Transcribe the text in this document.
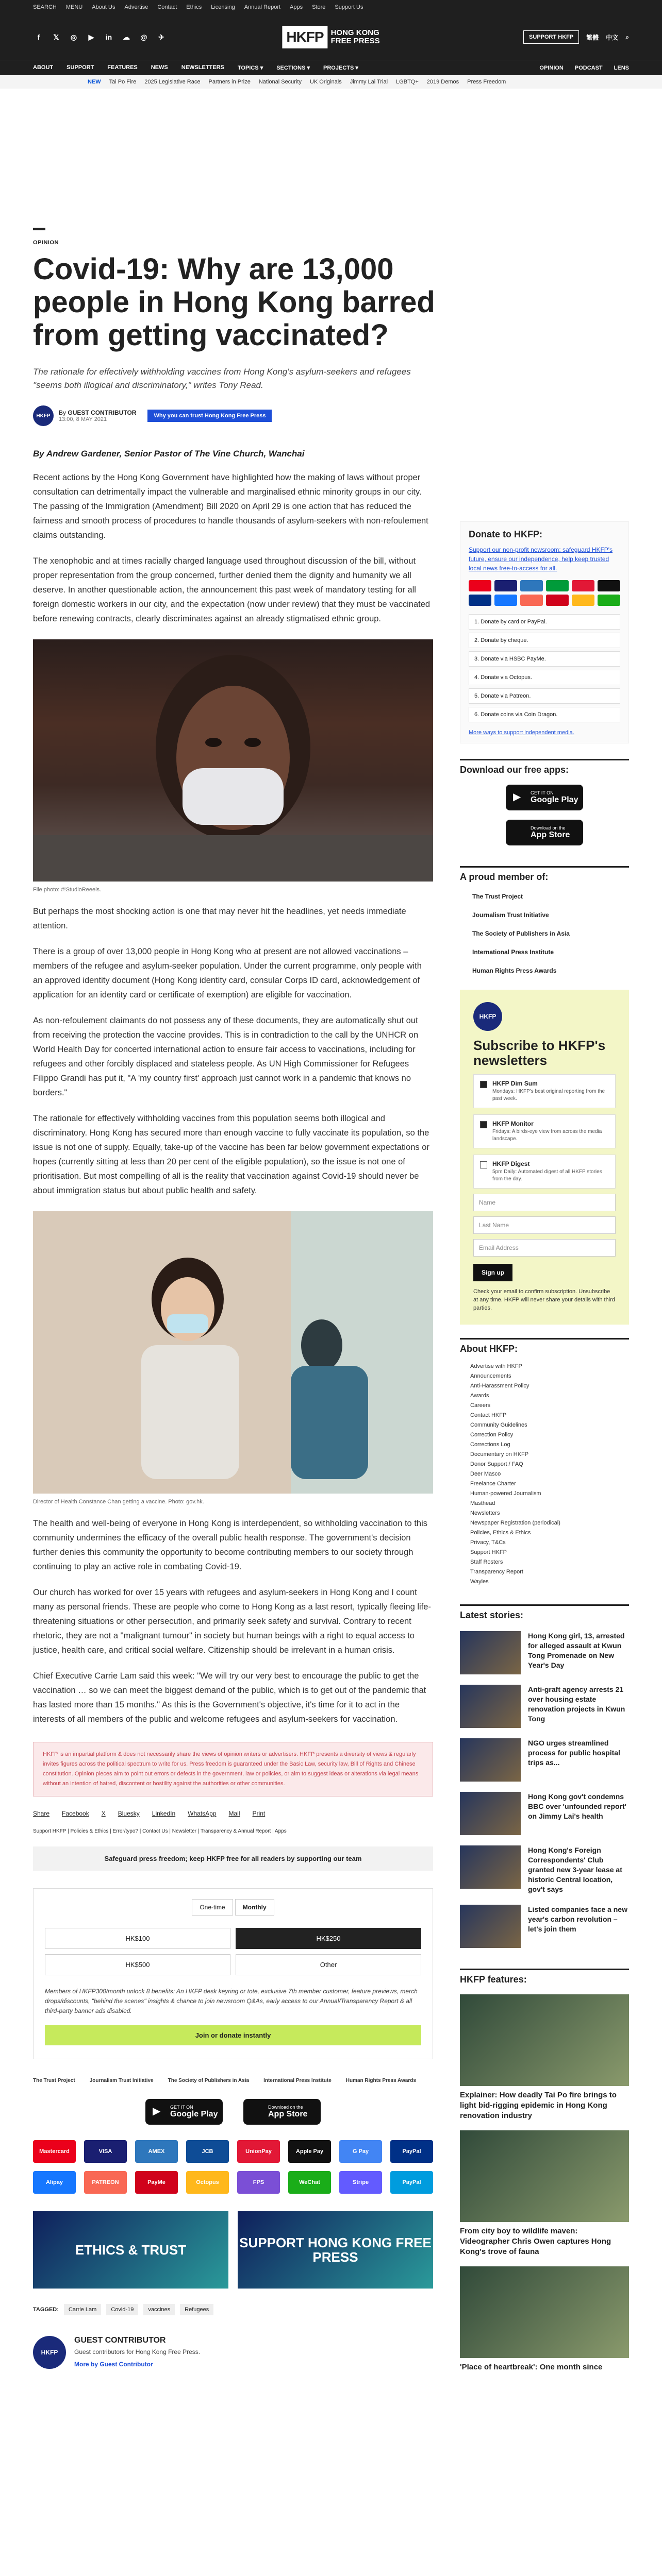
SEARCH MENU About Us Advertise Contact Ethics Licensing Annual Report Apps Store Support Us
f	𝕏	◎	▶	in	☁ @	✈	HKFP HONG KONG
FREE PRESS	SUPPORT HKFP	繁體 中文 ⌕
ABOUT SUPPORT FEATURES NEWS NEWSLETTERS TOPICS ▾ SECTIONS ▾ PROJECTS ▾	OPINION PODCAST LENS
NEW Tai Po Fire 2025 Legislative Race Partners in Prize National Security UK Originals Jimmy Lai Trial LGBTQ+ 2019 Demos Press Freedom
OPINION
Covid-19: Why are 13,000 people in Hong Kong barred from getting vaccinated?
The rationale for effectively withholding vaccines from Hong Kong's asylum-seekers and refugees "seems both illogical and discriminatory," writes Tony Read.
HKFP	By GUEST CONTRIBUTOR
13:00, 8 MAY 2021
Why you can trust Hong Kong Free Press
By Andrew Gardener, Senior Pastor of The Vine Church, Wanchai

Recent actions by the Hong Kong Government have highlighted how the making of laws without proper consultation can detrimentally impact the vulnerable and marginalised ethnic minority groups in our city. The passing of the Immigration (Amendment) Bill 2020 on April 29 is one action that has reduced the fairness and smooth process of procedures to handle thousands of asylum-seekers with non-refoulement claims outstanding.

The xenophobic and at times racially charged language used throughout discussion of the bill, without proper representation from the group concerned, further denied them the dignity and humanity we all deserve. In another questionable action, the announcement this past week of mandatory testing for all foreign domestic workers in our city, and the expectation (now under review) that they must be vaccinated before renewing contracts, clearly discriminates against an already stigmatised ethnic group.

File photo: #!StudioReeels.

But perhaps the most shocking action is one that may never hit the headlines, yet needs immediate attention.

There is a group of over 13,000 people in Hong Kong who at present are not allowed vaccinations – members of the refugee and asylum-seeker population. Under the current programme, only people with an approved identity document (Hong Kong identity card, consular Corps ID card, acknowledgement of application for an identity card or certificate of exemption) are eligible for vaccination.

As non-refoulement claimants do not possess any of these documents, they are automatically shut out from receiving the protection the vaccine provides. This is in contradiction to the call by the UNHCR on World Health Day for concerted international action to ensure fair access to vaccinations, including for refugees and other forcibly displaced and stateless people. As UN High Commissioner for Refugees Filippo Grandi has put it, "A 'my country first' approach just cannot work in a pandemic that knows no borders."

The rationale for effectively withholding vaccines from this population seems both illogical and discriminatory. Hong Kong has secured more than enough vaccine to fully vaccinate its population, so the issue is not one of supply. Equally, take-up of the vaccine has been far below government expectations or hopes (currently sitting at less than 20 per cent of the eligible population), so the issue is not one of prioritisation. But most compelling of all is the reality that vaccination against Covid-19 should never be about immigration status but about public health and safety.

Director of Health Constance Chan getting a vaccine. Photo: gov.hk.

The health and well-being of everyone in Hong Kong is interdependent, so withholding vaccination to this community undermines the efficacy of the overall public health response. The government's decision further denies this community the opportunity to become contributing members to our society through continuing to play an active role in combating Covid-19.

Our church has worked for over 15 years with refugees and asylum-seekers in Hong Kong and I count many as personal friends. These are people who come to Hong Kong as a last resort, typically fleeing life-threatening situations or other persecution, and primarily seek safety and survival. Contrary to recent rhetoric, they are not a "malignant tumour" in society but human beings with a right to equal access to justice, health care, and critical social welfare. Citizenship should be irrelevant in a human crisis.

Chief Executive Carrie Lam said this week: "We will try our very best to encourage the public to get the vaccination … so we can meet the biggest demand of the public, which is to get out of the pandemic that has lasted more than 15 months." As this is the Government's objective, it's time for it to act in the interests of all members of the public and welcome refugees and asylum-seekers for vaccination.

HKFP is an impartial platform & does not necessarily share the views of opinion writers or advertisers. HKFP presents a diversity of views & regularly invites figures across the political spectrum to write for us. Press freedom is guaranteed under the Basic Law, security law, Bill of Rights and Chinese constitution. Opinion pieces aim to point out errors or defects in the government, law or policies, or aim to suggest ideas or alterations via legal means without an intention of hatred, discontent or hostility against the authorities or other communities.
Share Facebook X Bluesky LinkedIn WhatsApp Mail Print
Support HKFP | Policies & Ethics | Error/typo? | Contact Us | Newsletter | Transparency & Annual Report | Apps
Safeguard press freedom; keep HKFP free for all readers by supporting our team
One-time	Monthly
HK$100	HK$250
HK$500	Other
Members of HKFP300/month unlock 8 benefits: An HKFP desk keyring or tote, exclusive 7th member customer, feature previews, merch drops/discounts, "behind the scenes" insights & chance to join newsroom Q&As, early access to our Annual/Transparency Report & all third-party banner ads disabled.
Join or donate instantly
The Trust Project	Journalism Trust Initiative	The Society of Publishers in Asia	International Press Institute	Human Rights Press Awards
▶	GET IT ON
Google Play
Download on the
App Store
Mastercard	VISA	AMEX	JCB	UnionPay	Apple Pay	G Pay	PayPal
Alipay	PATREON	PayMe	Octopus	FPS	WeChat	Stripe	PayPal
ETHICS & TRUST	SUPPORT HONG KONG FREE PRESS
TAGGED:	Carrie Lam	Covid-19	vaccines	Refugees
HKFP
GUEST CONTRIBUTOR

Guest contributors for Hong Kong Free Press.

More by Guest Contributor
Donate to HKFP:

Support our non-profit newsroom: safeguard HKFP's future, ensure our independence, help keep trusted local news free-to-access for all.

1. Donate by card or PayPal.
2. Donate by cheque.
3. Donate via HSBC PayMe.
4. Donate via Octopus.
5. Donate via Patreon.
6. Donate coins via Coin Dragon.
More ways to support independent media.
Download our free apps:
▶	GET IT ON
Google Play
Download on the
App Store
A proud member of:
The Trust Project
Journalism Trust Initiative
The Society of Publishers in Asia
International Press Institute
Human Rights Press Awards
HKFP
Subscribe to HKFP's newsletters
HKFP Dim Sum
Mondays: HKFP's best original reporting from the past week.
HKFP Monitor
Fridays: A birds-eye view from across the media landscape.
HKFP Digest
5pm Daily: Automated digest of all HKFP stories from the day.
Name
Last Name
Email Address
Sign up
Check your email to confirm subscription. Unsubscribe at any time. HKFP will never share your details with third parties.
About HKFP:
Advertise with HKFP
Announcements
Anti-Harassment Policy
Awards
Careers
Contact HKFP
Community Guidelines
Correction Policy
Corrections Log
Documentary on HKFP
Donor Support / FAQ
Deer Masco
Freelance Charter
Human-powered Journalism
Masthead
Newsletters
Newspaper Registration (periodical)
Policies, Ethics & Ethics
Privacy, T&Cs
Support HKFP
Staff Rosters
Transparency Report
Wayles
Latest stories:

Hong Kong girl, 13, arrested for alleged assault at Kwun Tong Promenade on New Year's Day

Anti-graft agency arrests 21 over housing estate renovation projects in Kwun Tong

NGO urges streamlined process for public hospital trips as...

Hong Kong gov't condemns BBC over 'unfounded report' on Jimmy Lai's health

Hong Kong's Foreign Correspondents' Club granted new 3-year lease at historic Central location, gov't says

Listed companies face a new year's carbon revolution – let's join them

HKFP features:

Explainer: How deadly Tai Po fire brings to light bid-rigging epidemic in Hong Kong renovation industry

From city boy to wildlife maven: Videographer Chris Owen captures Hong Kong's trove of fauna

'Place of heartbreak': One month since
